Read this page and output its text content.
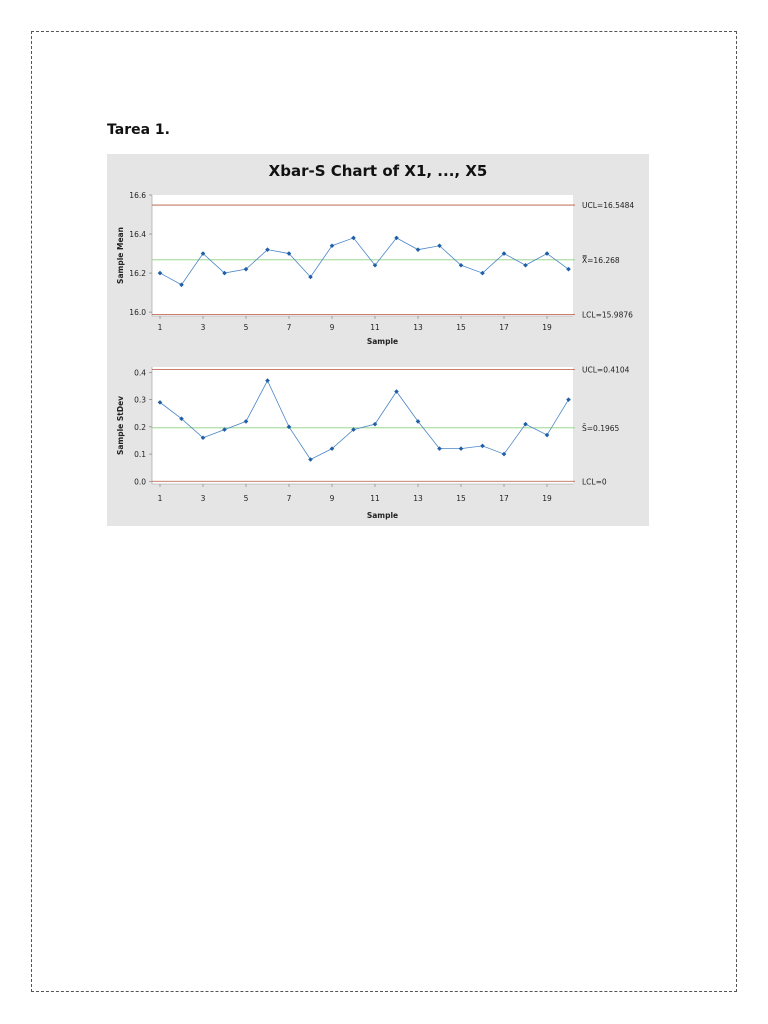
Tarea 1.
Xbar-S Chart of X1, ..., X5
16.0
16.2
16.4
16.6
1	3	5	7	9	11	13	15	17	19
Sample
Sample Mean
UCL=16.5484
X̿=16.268
LCL=15.9876
0.0
0.1
0.2
0.3
0.4
1	3	5	7	9	11	13	15	17	19
Sample
Sample StDev
UCL=0.4104
S̄=0.1965
LCL=0
